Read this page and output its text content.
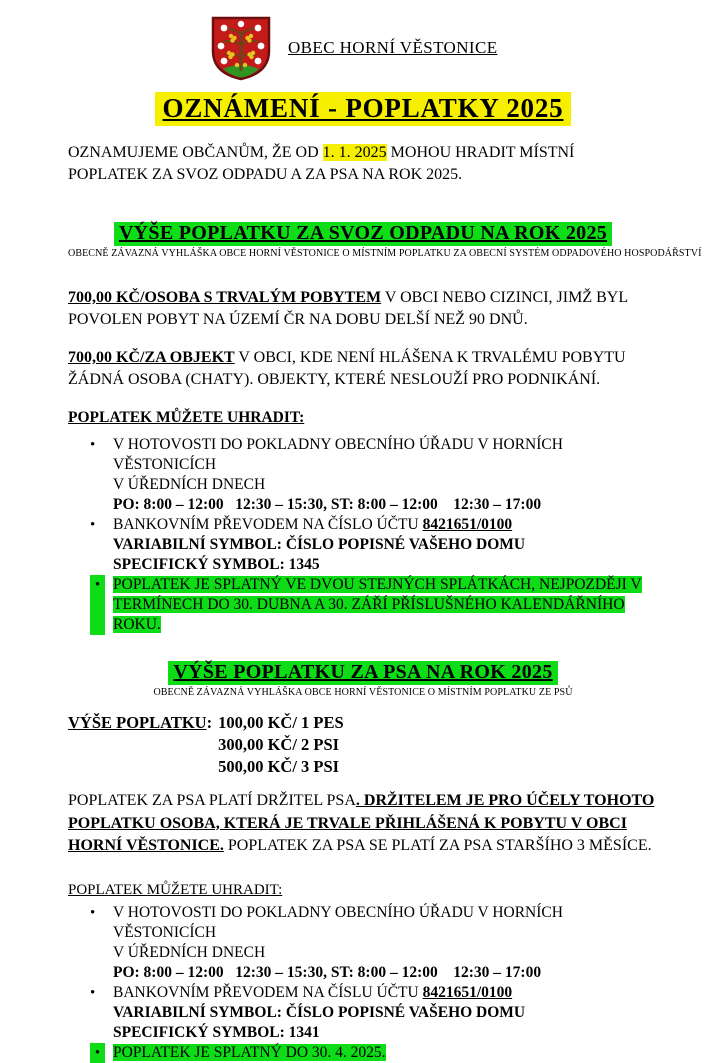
OBEC HORNÍ VĚSTONICE
OZNÁMENÍ - POPLATKY 2025

OZNAMUJEME OBČANŮM, ŽE OD 1. 1. 2025 MOHOU HRADIT MÍSTNÍ POPLATEK ZA SVOZ ODPADU A ZA PSA NA ROK 2025.

VÝŠE POPLATKU ZA SVOZ ODPADU NA ROK 2025
OBECNĚ ZÁVAZNÁ VYHLÁŠKA OBCE HORNÍ VĚSTONICE O MÍSTNÍM POPLATKU ZA OBECNÍ SYSTÉM ODPADOVÉHO HOSPODÁŘSTVÍ

700,00 KČ/OSOBA S TRVALÝM POBYTEM V OBCI NEBO CIZINCI, JIMŽ BYL POVOLEN POBYT NA ÚZEMÍ ČR NA DOBU DELŠÍ NEŽ 90 DNŮ.

700,00 KČ/ZA OBJEKT V OBCI, KDE NENÍ HLÁŠENA K TRVALÉMU POBYTU ŽÁDNÁ OSOBA (CHATY). OBJEKTY, KTERÉ NESLOUŽÍ PRO PODNIKÁNÍ.

POPLATEK MŮŽETE UHRADIT:
•
V HOTOVOSTI DO POKLADNY OBECNÍHO ÚŘADU V HORNÍCH VĚSTONICÍCH
V ÚŘEDNÍCH DNECH
PO: 8:00 – 12:00   12:30 – 15:30, ST: 8:00 – 12:00    12:30 – 17:00
•
BANKOVNÍM PŘEVODEM NA ČÍSLO ÚČTU 8421651/0100
VARIABILNÍ SYMBOL: ČÍSLO POPISNÉ VAŠEHO DOMU
SPECIFICKÝ SYMBOL: 1345
•
POPLATEK JE SPLATNÝ VE DVOU STEJNÝCH SPLÁTKÁCH, NEJPOZDĚJI V TERMÍNECH DO 30. DUBNA A 30. ZÁŘÍ PŘÍSLUŠNÉHO KALENDÁŘNÍHO ROKU.
VÝŠE POPLATKU ZA PSA NA ROK 2025
OBECNĚ ZÁVAZNÁ VYHLÁŠKA OBCE HORNÍ VĚSTONICE O MÍSTNÍM POPLATKU ZE PSŮ
VÝŠE POPLATKU : 100,00 KČ/ 1 PES
300,00 KČ/ 2 PSI
500,00 KČ/ 3 PSI

POPLATEK ZA PSA PLATÍ DRŽITEL PSA. DRŽITELEM JE PRO ÚČELY TOHOTO POPLATKU OSOBA, KTERÁ JE TRVALE PŘIHLÁŠENÁ K POBYTU V OBCI HORNÍ VĚSTONICE. POPLATEK ZA PSA SE PLATÍ ZA PSA STARŠÍHO 3 MĚSÍCE.

POPLATEK MŮŽETE UHRADIT:
•
V HOTOVOSTI DO POKLADNY OBECNÍHO ÚŘADU V HORNÍCH VĚSTONICÍCH
V ÚŘEDNÍCH DNECH
PO: 8:00 – 12:00   12:30 – 15:30, ST: 8:00 – 12:00    12:30 – 17:00
•
BANKOVNÍM PŘEVODEM NA ČÍSLU ÚČTU 8421651/0100
VARIABILNÍ SYMBOL: ČÍSLO POPISNÉ VAŠEHO DOMU
SPECIFICKÝ SYMBOL: 1341
•
POPLATEK JE SPLATNÝ DO 30. 4. 2025.
